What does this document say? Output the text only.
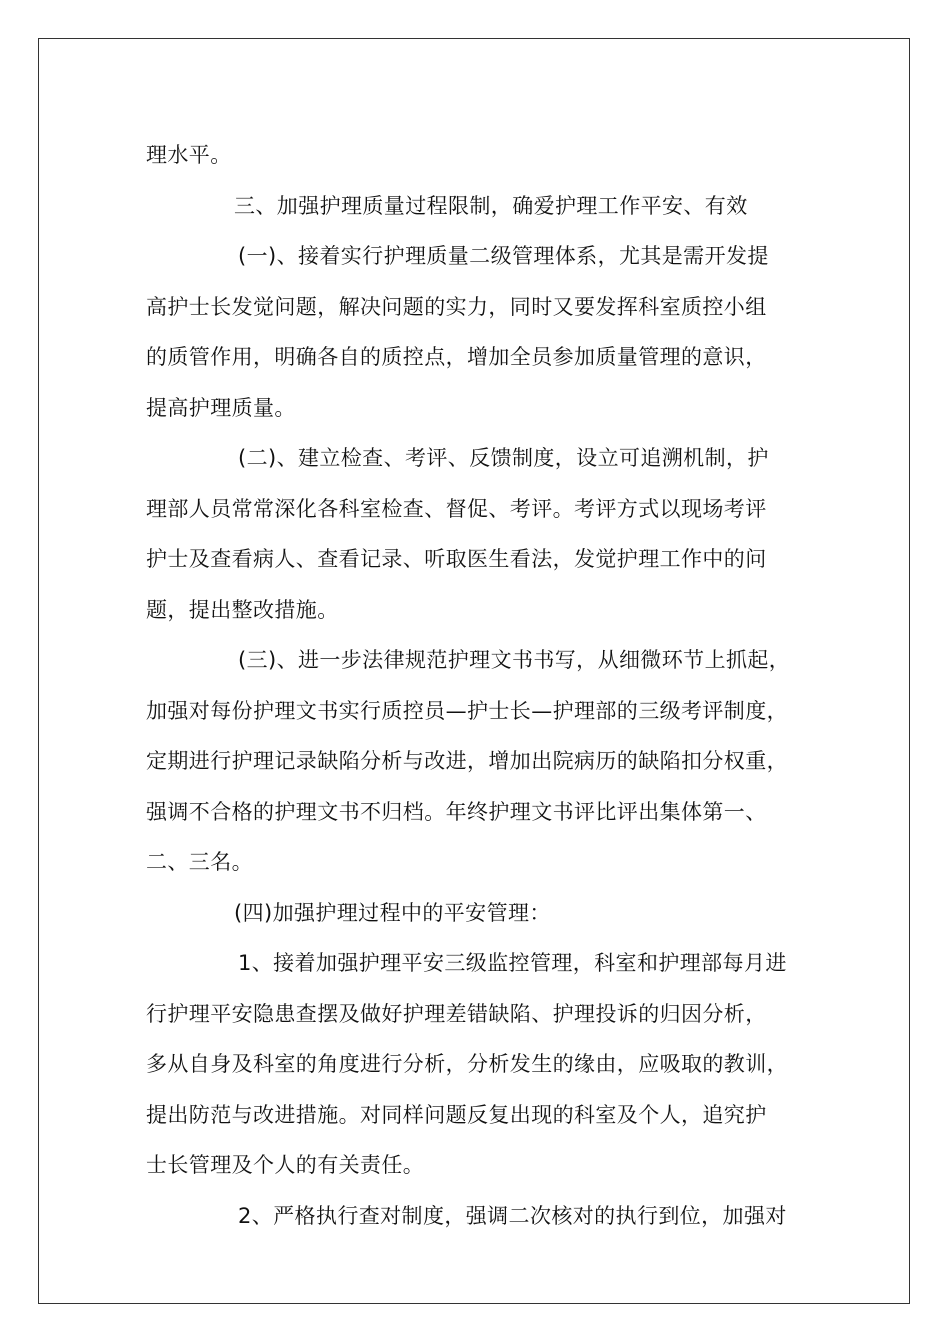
理水平。
三、加强护理质量过程限制，确爱护理工作平安、有效
(一)、接着实行护理质量二级管理体系，尤其是需开发提
高护士长发觉问题，解决问题的实力，同时又要发挥科室质控小组
的质管作用，明确各自的质控点，增加全员参加质量管理的意识，
提高护理质量。
(二)、建立检查、考评、反馈制度，设立可追溯机制，护
理部人员常常深化各科室检查、督促、考评。考评方式以现场考评
护士及查看病人、查看记录、听取医生看法，发觉护理工作中的问
题，提出整改措施。
(三)、进一步法律规范护理文书书写，从细微环节上抓起，
加强对每份护理文书实行质控员—护士长—护理部的三级考评制度，
定期进行护理记录缺陷分析与改进，增加出院病历的缺陷扣分权重，
强调不合格的护理文书不归档。年终护理文书评比评出集体第一、
二、三名。
(四)加强护理过程中的平安管理：
1、接着加强护理平安三级监控管理，科室和护理部每月进
行护理平安隐患查摆及做好护理差错缺陷、护理投诉的归因分析，
多从自身及科室的角度进行分析，分析发生的缘由，应吸取的教训，
提出防范与改进措施。对同样问题反复出现的科室及个人，追究护
士长管理及个人的有关责任。
2、严格执行查对制度，强调二次核对的执行到位，加强对
